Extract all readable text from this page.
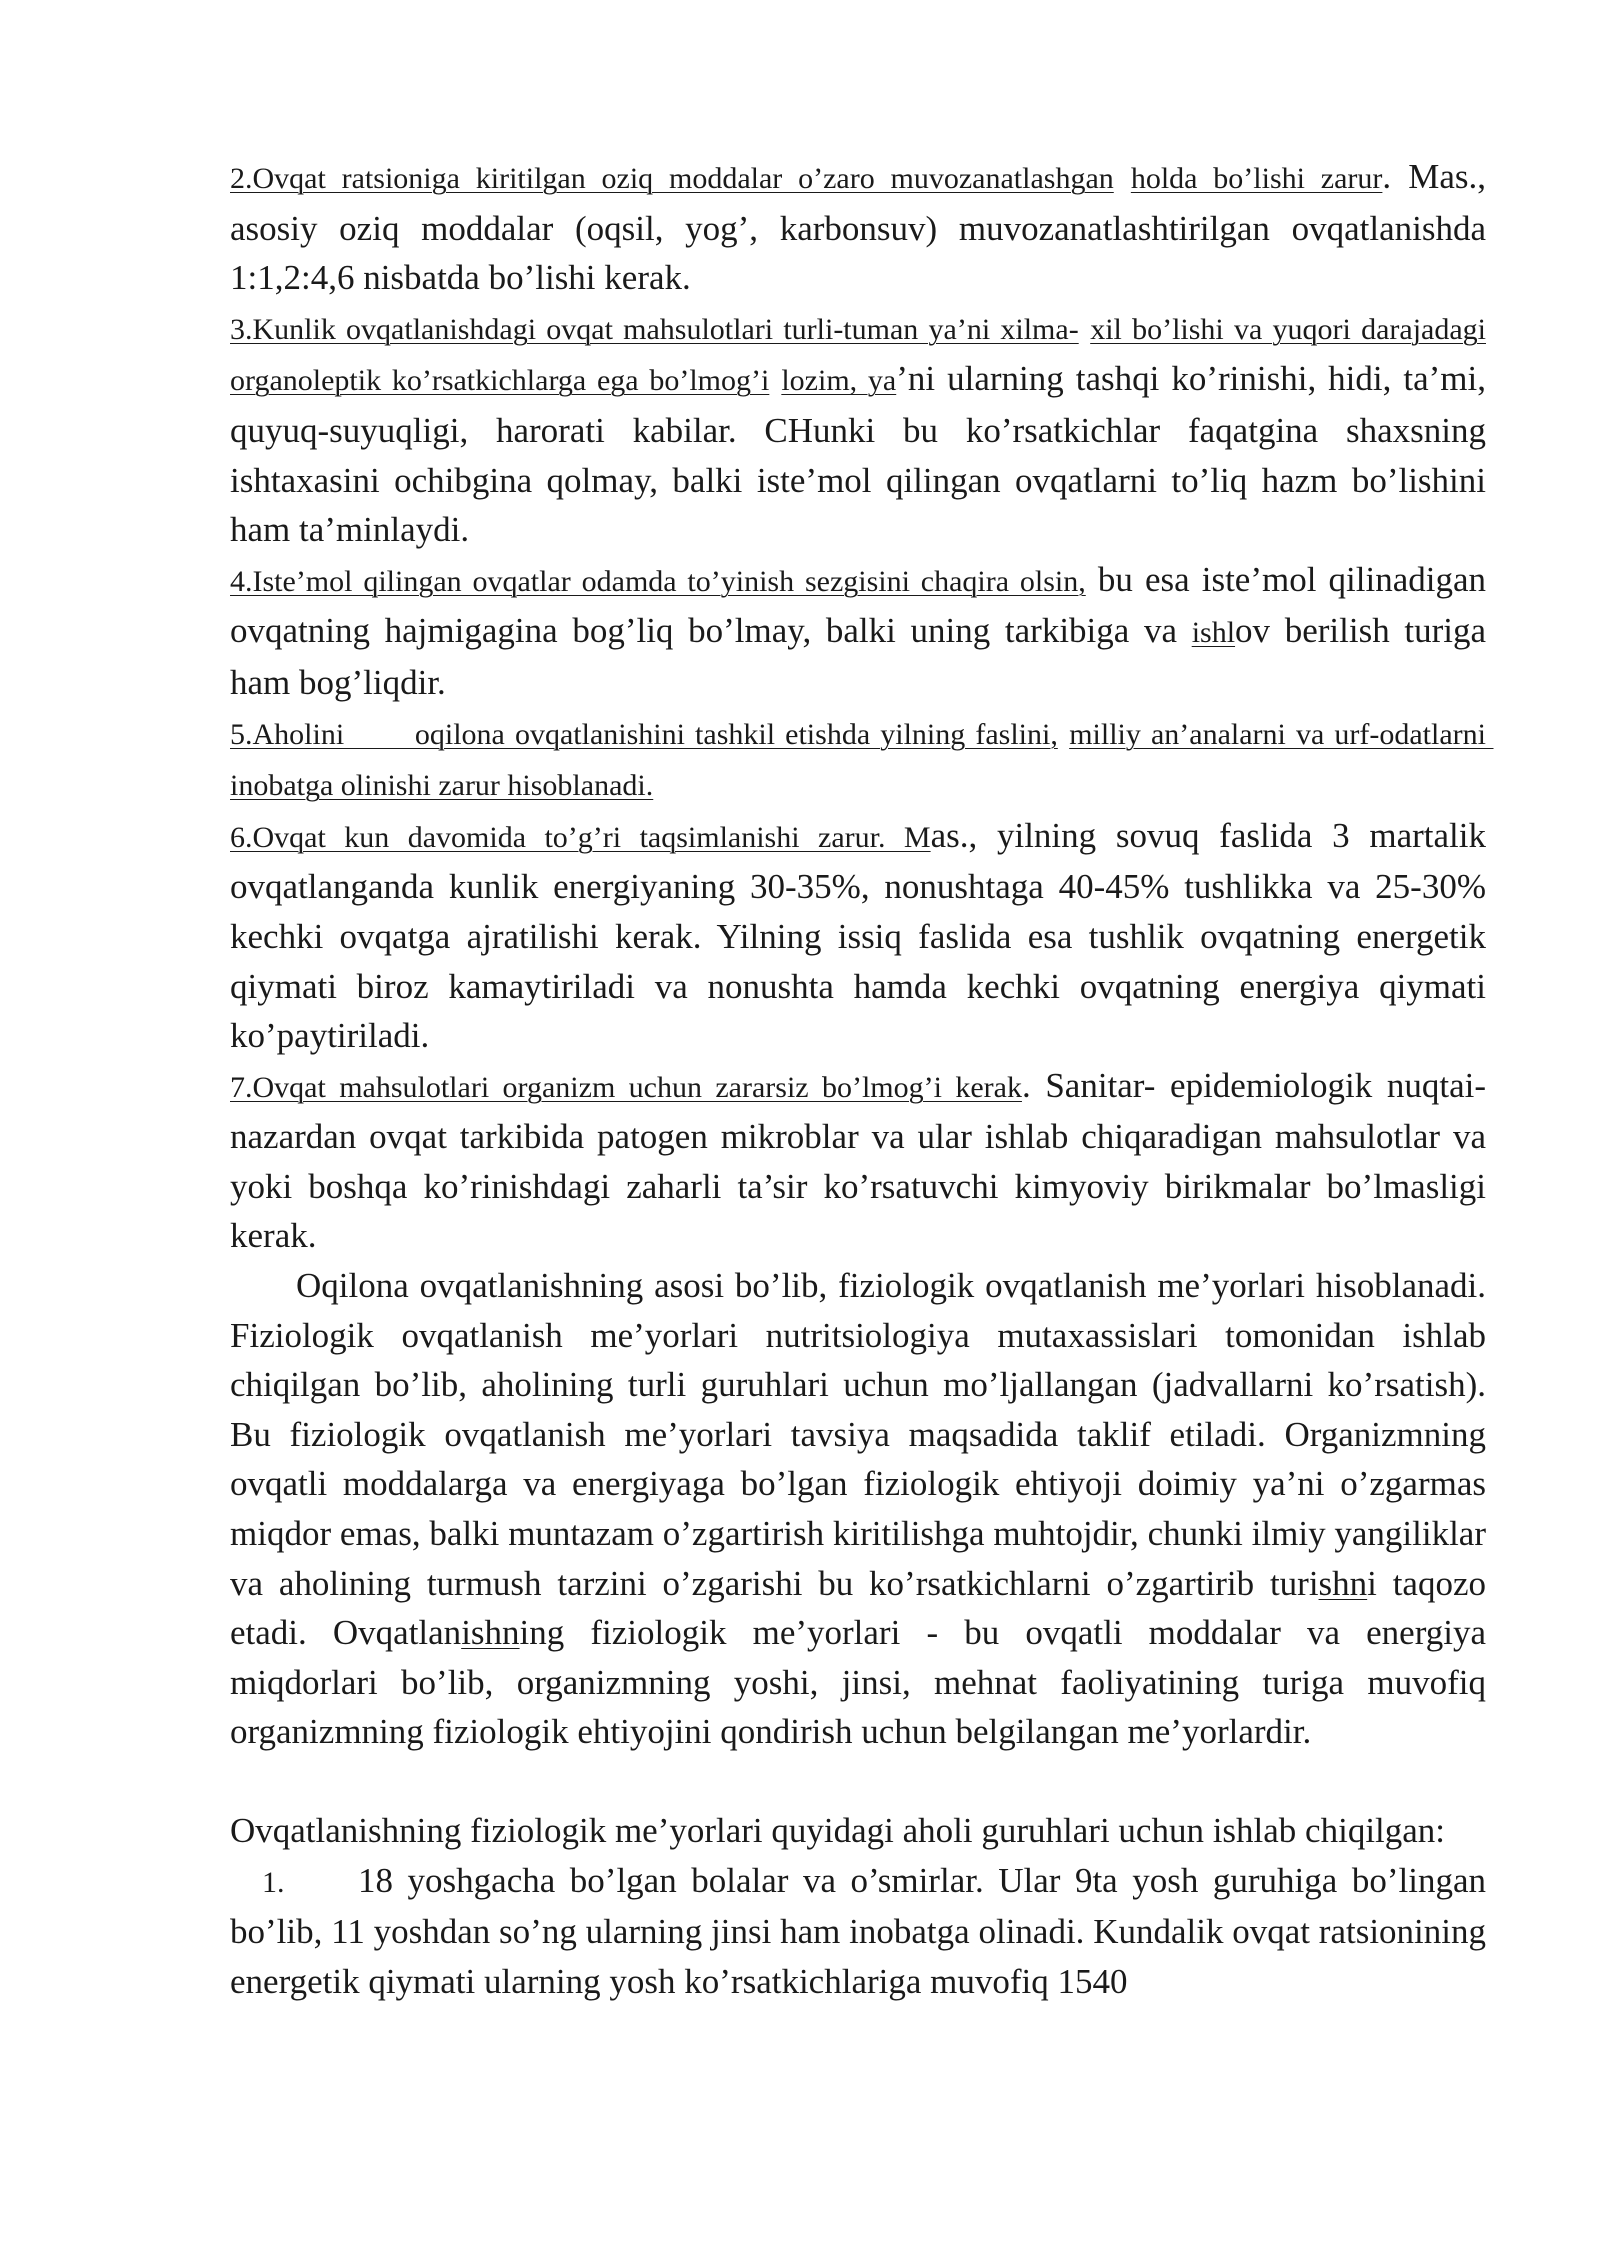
2.Ovqat ratsioniga kiritilgan oziq moddalar o’zaro muvozanatlashgan holda bo’lishi zarur. Mas., asosiy oziq moddalar (oqsil, yog’, karbonsuv) muvozanatlashtirilgan ovqatlanishda 1:1,2:4,6 nisbatda bo’lishi kerak.

3.Kunlik ovqatlanishdagi ovqat mahsulotlari turli-tuman ya’ni xilma- xil bo’lishi va yuqori darajadagi organoleptik ko’rsatkichlarga ega bo’lmog’i lozim, ya’ni ularning tashqi ko’rinishi, hidi, ta’mi, quyuq-suyuqligi, harorati kabilar. CHunki bu ko’rsatkichlar faqatgina shaxsning ishtaxasini ochibgina qolmay, balki iste’mol qilingan ovqatlarni to’liq hazm bo’lishini ham ta’minlaydi.

4.Iste’mol qilingan ovqatlar odamda to’yinish sezgisini chaqira olsin, bu esa iste’mol qilinadigan ovqatning hajmigagina bog’liq bo’lmay, balki uning tarkibiga va ishlov berilish turiga ham bog’liqdir.

5.Aholini       oqilona ovqatlanishini tashkil etishda yilning faslini, milliy an’analarni va urf-odatlarni inobatga olinishi zarur hisoblanadi.

6.Ovqat kun davomida to’g’ri taqsimlanishi zarur. Mas., yilning sovuq faslida 3 martalik ovqatlanganda kunlik energiyaning 30-35%, nonushtaga 40-45% tushlikka va 25-30% kechki ovqatga ajratilishi kerak. Yilning issiq faslida esa tushlik ovqatning energetik qiymati biroz kamaytiriladi va nonushta hamda kechki ovqatning energiya qiymati ko’paytiriladi.

7.Ovqat mahsulotlari organizm uchun zararsiz bo’lmog’i kerak. Sanitar- epidemiologik nuqtai-nazardan ovqat tarkibida patogen mikroblar va ular ishlab chiqaradigan mahsulotlar va yoki boshqa ko’rinishdagi zaharli ta’sir ko’rsatuvchi kimyoviy birikmalar bo’lmasligi kerak.

Oqilona ovqatlanishning asosi bo’lib, fiziologik ovqatlanish me’yorlari hisoblanadi. Fiziologik ovqatlanish me’yorlari nutritsiologiya mutaxassislari tomonidan ishlab chiqilgan bo’lib, aholining turli guruhlari uchun mo’ljallangan (jadvallarni ko’rsatish). Bu fiziologik ovqatlanish me’yorlari tavsiya maqsadida taklif etiladi. Organizmning ovqatli moddalarga va energiyaga bo’lgan fiziologik ehtiyoji doimiy ya’ni o’zgarmas miqdor emas, balki muntazam o’zgartirish kiritilishga muhtojdir, chunki ilmiy yangiliklar va aholining turmush tarzini o’zgarishi bu ko’rsatkichlarni o’zgartirib turishni taqozo etadi. Ovqatlanishning fiziologik me’yorlari - bu ovqatli moddalar va energiya miqdorlari bo’lib, organizmning yoshi, jinsi, mehnat faoliyatining turiga muvofiq organizmning fiziologik ehtiyojini qondirish uchun belgilangan me’yorlardir.

Ovqatlanishning fiziologik me’yorlari quyidagi aholi guruhlari uchun ishlab chiqilgan:

1. 18 yoshgacha bo’lgan bolalar va o’smirlar. Ular 9ta yosh guruhiga bo’lingan bo’lib, 11 yoshdan so’ng ularning jinsi ham inobatga olinadi. Kundalik ovqat ratsionining energetik qiymati ularning yosh ko’rsatkichlariga muvofiq 1540
